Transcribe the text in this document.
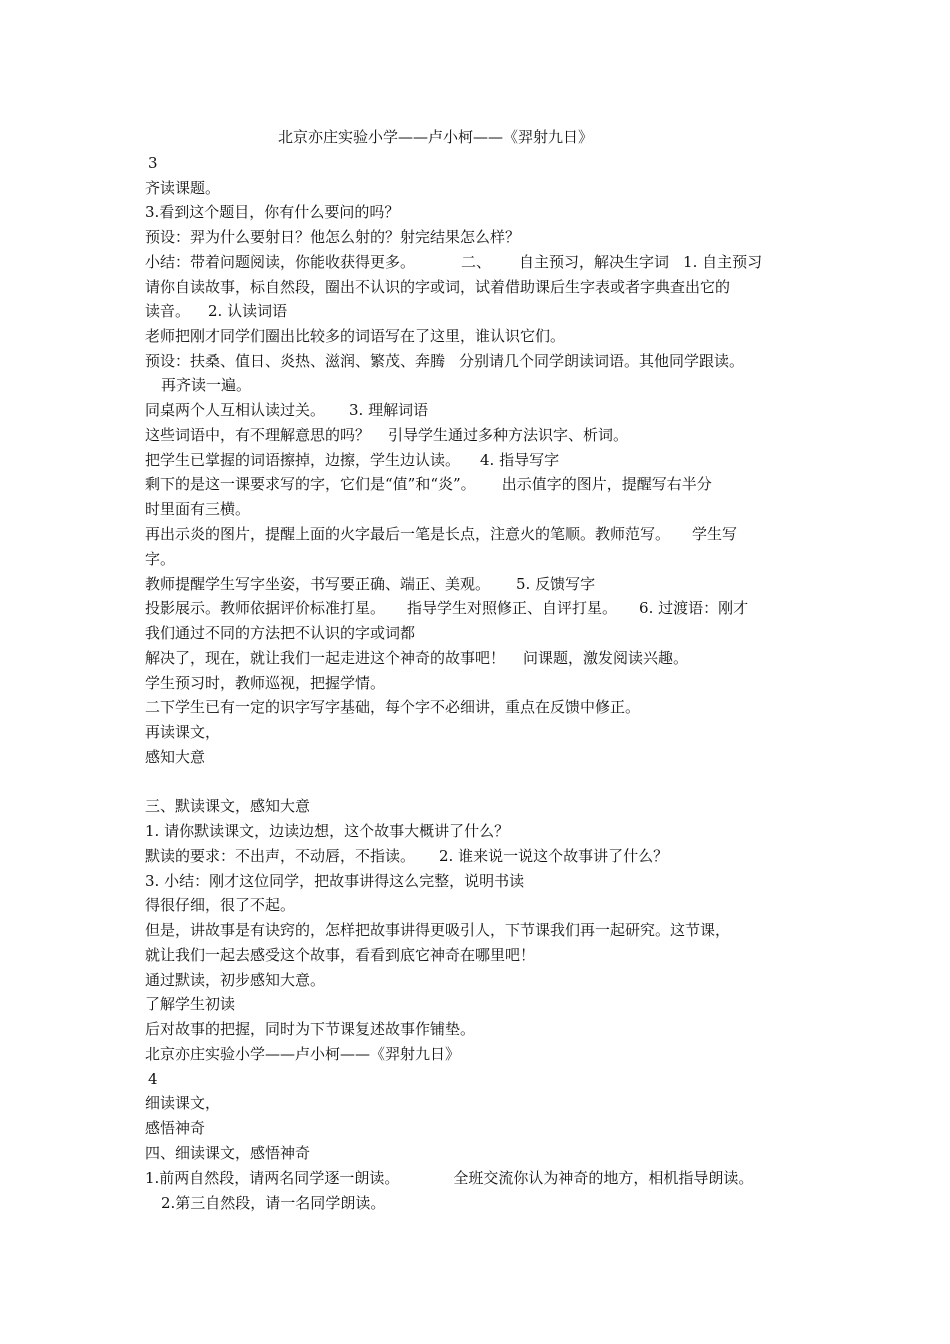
北京亦庄实验小学——卢小柯——《羿射九日》
3
齐读课题。
3.看到这个题目，你有什么要问的吗？
预设：羿为什么要射日？他怎么射的？射完结果怎么样？
小结：带着问题阅读，你能收获得更多。	二、 自主预习，解决生字词 1. 自主预习
请你自读故事，标自然段，圈出不认识的字或词，试着借助课后生字表或者字典查出它的
读音。 2. 认读词语
老师把刚才同学们圈出比较多的词语写在了这里，谁认识它们。
预设：扶桑、值日、炎热、滋润、繁茂、奔腾 分别请几个同学朗读词语。其他同学跟读。
再齐读一遍。
同桌两个人互相认读过关。 3. 理解词语
这些词语中，有不理解意思的吗？ 引导学生通过多种方法识字、析词。
把学生已掌握的词语擦掉，边擦，学生边认读。 4. 指导写字
剩下的是这一课要求写的字，它们是“值”和“炎”。 出示值字的图片，提醒写右半分
时里面有三横。
再出示炎的图片，提醒上面的火字最后一笔是长点，注意火的笔顺。教师范写。 学生写
字。
教师提醒学生写字坐姿，书写要正确、端正、美观。 5. 反馈写字
投影展示。教师依据评价标准打星。 指导学生对照修正、自评打星。 6. 过渡语：刚才
我们通过不同的方法把不认识的字或词都
解决了，现在，就让我们一起走进这个神奇的故事吧！ 问课题，激发阅读兴趣。
学生预习时，教师巡视，把握学情。
二下学生已有一定的识字写字基础，每个字不必细讲，重点在反馈中修正。
再读课文，
感知大意
三、默读课文，感知大意
1. 请你默读课文，边读边想，这个故事大概讲了什么？
默读的要求：不出声，不动唇，不指读。 2. 谁来说一说这个故事讲了什么？
3. 小结：刚才这位同学，把故事讲得这么完整，说明书读
得很仔细，很了不起。
但是，讲故事是有诀窍的，怎样把故事讲得更吸引人，下节课我们再一起研究。这节课，
就让我们一起去感受这个故事，看看到底它神奇在哪里吧！
通过默读，初步感知大意。
了解学生初读
后对故事的把握，同时为下节课复述故事作铺垫。
北京亦庄实验小学——卢小柯——《羿射九日》
4
细读课文，
感悟神奇
四、细读课文，感悟神奇
1.前两自然段，请两名同学逐一朗读。	全班交流你认为神奇的地方，相机指导朗读。
2.第三自然段，请一名同学朗读。
